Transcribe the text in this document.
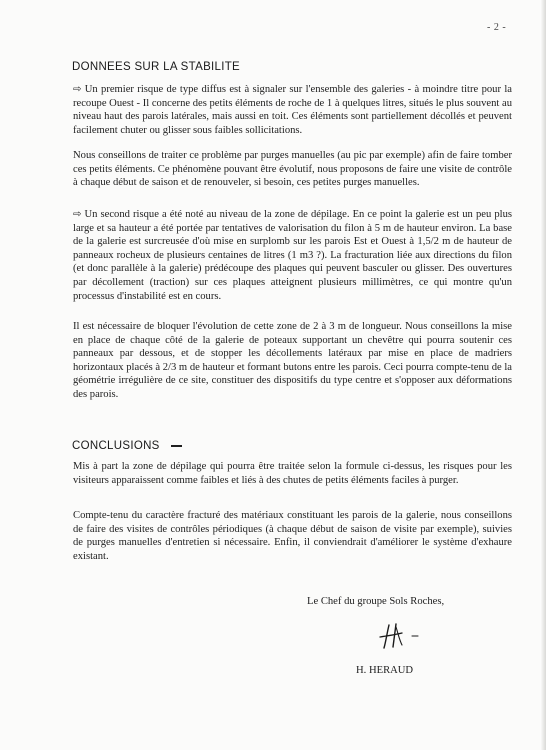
- 2 -
DONNEES SUR LA STABILITE
⇨ Un premier risque de type diffus est à signaler sur l'ensemble des galeries - à moindre titre pour la recoupe Ouest - Il concerne des petits éléments de roche de 1 à quelques litres, situés le plus souvent au niveau haut des parois latérales, mais aussi en toit. Ces éléments sont partiellement décollés et peuvent facilement chuter ou glisser sous faibles sollicitations.
Nous conseillons de traiter ce problème par purges manuelles (au pic par exemple) afin de faire tomber ces petits éléments. Ce phénomène pouvant être évolutif, nous proposons de faire une visite de contrôle à chaque début de saison et de renouveler, si besoin, ces petites purges manuelles.
⇨ Un second risque a été noté au niveau de la zone de dépilage. En ce point la galerie est un peu plus large et sa hauteur a été portée par tentatives de valorisation du filon à 5 m de hauteur environ. La base de la galerie est surcreusée d'où mise en surplomb sur les parois Est et Ouest à 1,5/2 m de hauteur de panneaux rocheux de plusieurs centaines de litres (1 m3 ?). La fracturation liée aux directions du filon (et donc parallèle à la galerie) prédécoupe des plaques qui peuvent basculer ou glisser. Des ouvertures par décollement (traction) sur ces plaques atteignent plusieurs millimètres, ce qui montre qu'un processus d'instabilité est en cours.
Il est nécessaire de bloquer l'évolution de cette zone de 2 à 3 m de longueur. Nous conseillons la mise en place de chaque côté de la galerie de poteaux supportant un chevêtre qui pourra soutenir ces panneaux par dessous, et de stopper les décollements latéraux par mise en place de madriers horizontaux placés à 2/3 m de hauteur et formant butons entre les parois. Ceci pourra compte-tenu de la géométrie irrégulière de ce site, constituer des dispositifs du type centre et s'opposer aux déformations des parois.
CONCLUSIONS
Mis à part la zone de dépilage qui pourra être traitée selon la formule ci-dessus, les risques pour les visiteurs apparaissent comme faibles et liés à des chutes de petits éléments faciles à purger.
Compte-tenu du caractère fracturé des matériaux constituant les parois de la galerie, nous conseillons de faire des visites de contrôles périodiques (à chaque début de saison de visite par exemple), suivies de purges manuelles d'entretien si nécessaire. Enfin, il conviendrait d'améliorer le système d'exhaure existant.
Le Chef du groupe Sols Roches,
H. HERAUD
